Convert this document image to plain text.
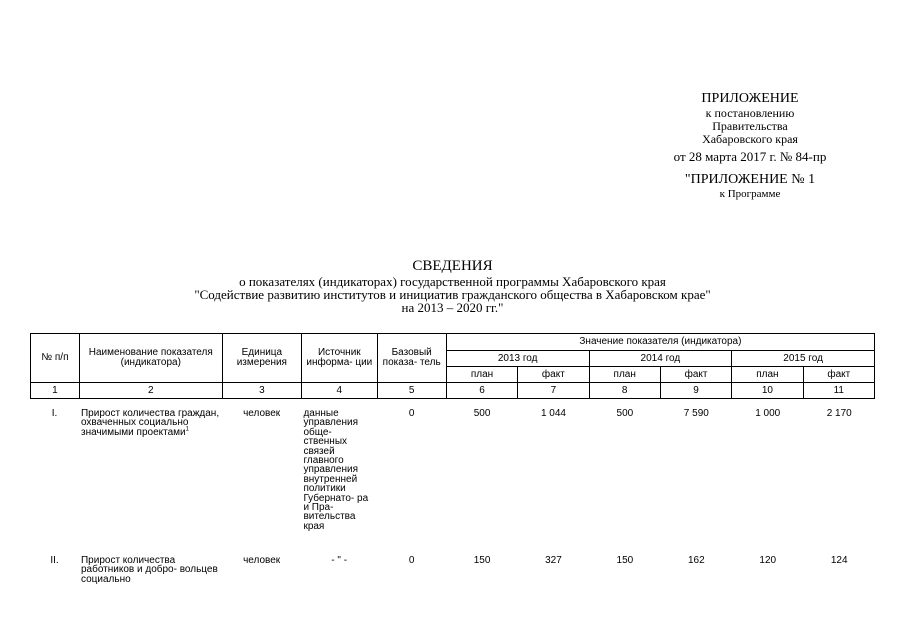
ПРИЛОЖЕНИЕ
к постановлению
Правительства
Хабаровского края
от 28 марта 2017 г. № 84-пр
"ПРИЛОЖЕНИЕ № 1
к Программе
СВЕДЕНИЯ
о показателях (индикаторах) государственной программы Хабаровского края
"Содействие развитию институтов и инициатив гражданского общества в Хабаровском крае"
на 2013 – 2020 гг."
№ п/п	Наименование показателя (индикатора)	Единица измерения	Источник информа- ции	Базовый показа- тель	Значение показателя (индикатора)					
					2013 год		2014 год		2015 год	
					план	факт	план	факт	план	факт
1	2	3	4	5	6	7	8	9	10	11
I.	Прирост количества граждан, охваченных социально значимыми проектами$^1$	человек	данные управления обще- ственных связей главного управления внутренней политики Губернато- ра и Пра- вительства края	0	500	1 044	500	7 590	1 000	2 170
II.	Прирост количества работников и добро- вольцев социально	человек	- " -	0	150	327	150	162	120	124
